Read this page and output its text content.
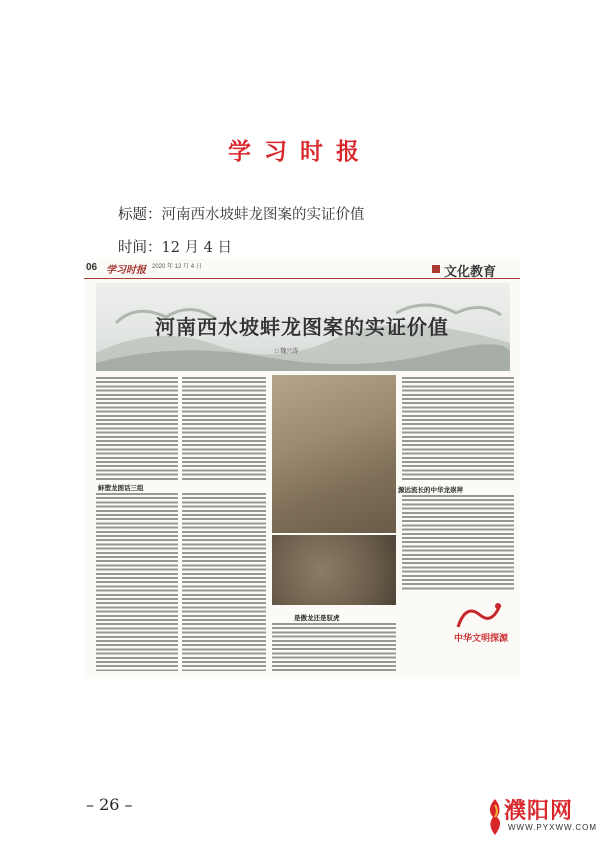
学习时报
标题：河南西水坡蚌龙图案的实证价值
时间：12 月 4 日
06 学习时报 2020 年 12 月 4 日	文化教育
河南西水坡蚌龙图案的实证价值
□ 魏兴涛
蚌塑龙图话三组
是傲龙还是驭虎
源远流长的中华龙崇拜
中华文明探源
– 26 –	濮阳网
WWW.PYXWW.COM
